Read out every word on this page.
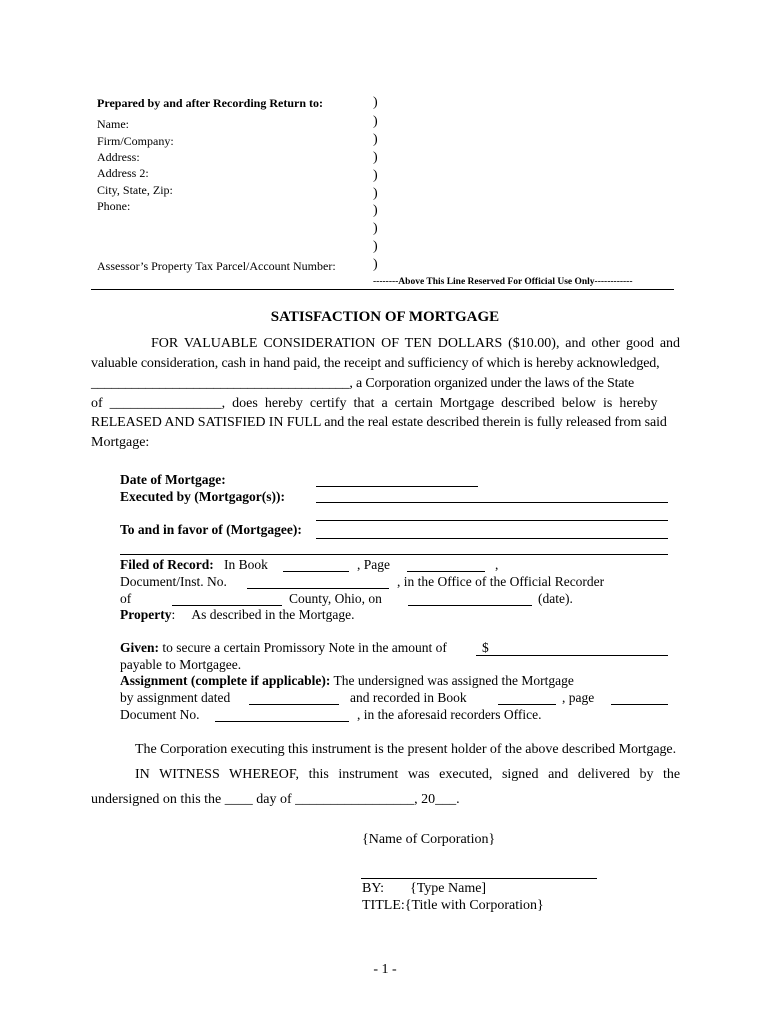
Prepared by and after Recording Return to:
Name:
Firm/Company:
Address:
Address 2:
City, State, Zip:
Phone:
Assessor’s Property Tax Parcel/Account Number:
)
)
)
)
)
)
)
)
)
)
--------Above This Line Reserved For Official Use Only------------
SATISFACTION OF MORTGAGE
FOR VALUABLE CONSIDERATION OF TEN DOLLARS ($10.00), and other good and
valuable consideration, cash in hand paid, the receipt and sufficiency of which is hereby acknowledged,
______________________________________, a Corporation organized under the laws of the State
of ________________, does hereby certify that a certain Mortgage described below is hereby
RELEASED AND SATISFIED IN FULL and the real estate described therein is fully released from said
Mortgage:
Date of Mortgage:
Executed by (Mortgagor(s)):
To and in favor of (Mortgagee):
Filed of Record: In Book	, Page	,
Document/Inst. No.	, in the Office of the Official Recorder
of	County, Ohio, on	(date).
Property:     As described in the Mortgage.
Given: to secure a certain Promissory Note in the amount of	$
payable to Mortgagee.
Assignment (complete if applicable): The undersigned was assigned the Mortgage
by assignment dated	and recorded in Book	, page
Document No.	, in the aforesaid recorders Office.
The Corporation executing this instrument is the present holder of the above described Mortgage.
IN WITNESS WHEREOF, this instrument was executed, signed and delivered by the
undersigned on this the ____ day of _________________, 20___.
{Name of Corporation}
BY: {Type Name]
TITLE:{Title with Corporation}
- 1 -
